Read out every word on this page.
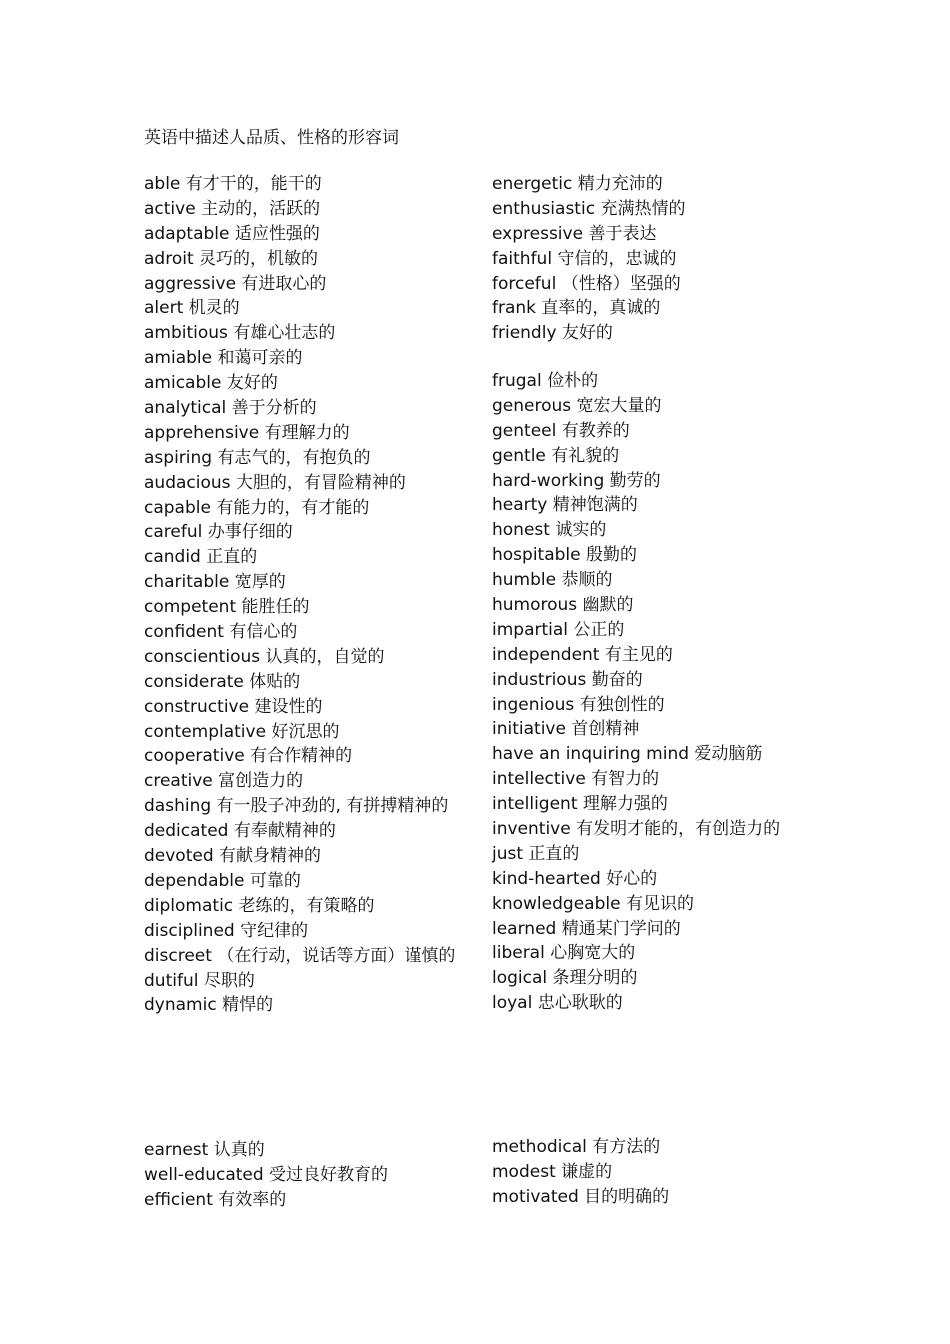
英语中描述人品质、性格的形容词
able 有才干的，能干的
active 主动的，活跃的
adaptable 适应性强的
adroit 灵巧的，机敏的
aggressive 有进取心的
alert 机灵的
ambitious 有雄心壮志的
amiable 和蔼可亲的
amicable 友好的
analytical 善于分析的
apprehensive 有理解力的
aspiring 有志气的，有抱负的
audacious 大胆的，有冒险精神的
capable 有能力的，有才能的
careful 办事仔细的
candid 正直的
charitable 宽厚的
competent 能胜任的
confident 有信心的
conscientious 认真的，自觉的
considerate 体贴的
constructive 建设性的
contemplative 好沉思的
cooperative 有合作精神的
creative 富创造力的
dashing 有一股子冲劲的, 有拼搏精神的
dedicated 有奉献精神的
devoted 有献身精神的
dependable 可靠的
diplomatic 老练的，有策略的
disciplined 守纪律的
discreet （在行动，说话等方面）谨慎的
dutiful 尽职的
dynamic 精悍的
energetic 精力充沛的
enthusiastic 充满热情的
expressive 善于表达
faithful 守信的，忠诚的
forceful （性格）坚强的
frank 直率的，真诚的
friendly 友好的
frugal 俭朴的
generous 宽宏大量的
genteel 有教养的
gentle 有礼貌的
hard-working 勤劳的
hearty 精神饱满的
honest 诚实的
hospitable 殷勤的
humble 恭顺的
humorous 幽默的
impartial 公正的
independent 有主见的
industrious 勤奋的
ingenious 有独创性的
initiative 首创精神
have an inquiring mind 爱动脑筋
intellective 有智力的
intelligent 理解力强的
inventive 有发明才能的，有创造力的
just 正直的
kind-hearted 好心的
knowledgeable 有见识的
learned 精通某门学问的
liberal 心胸宽大的
logical 条理分明的
loyal 忠心耿耿的
earnest 认真的
well-educated 受过良好教育的
efficient 有效率的
methodical 有方法的
modest 谦虚的
motivated 目的明确的
